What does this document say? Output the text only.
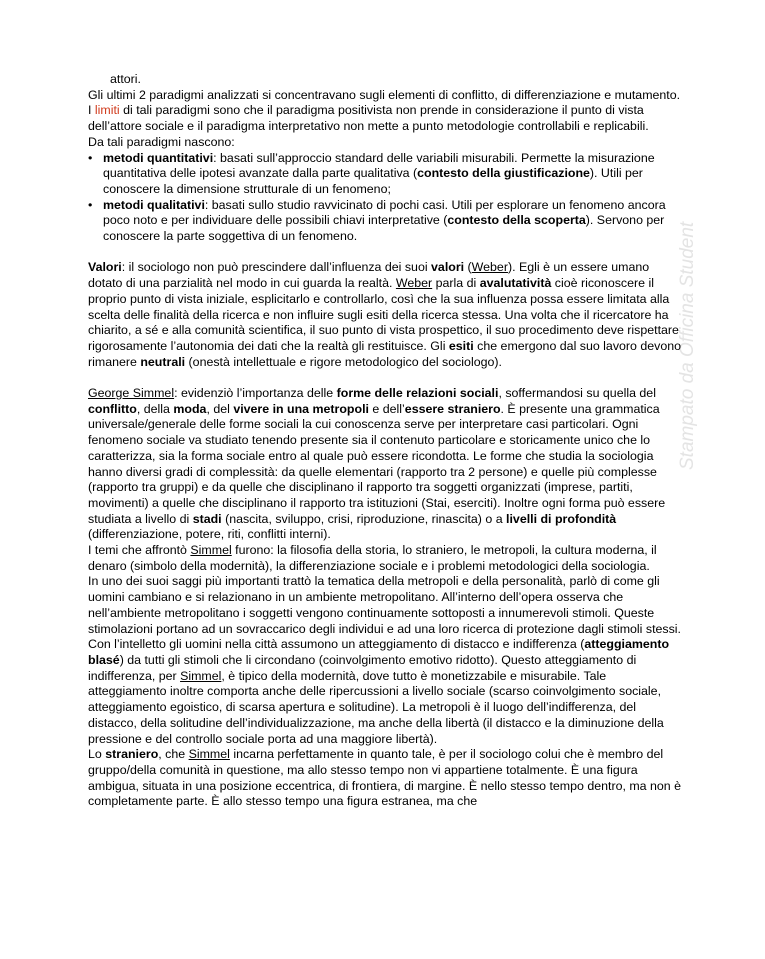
Stampato da Officina Student

attori.

Gli ultimi 2 paradigmi analizzati si concentravano sugli elementi di conflitto, di differenziazione e mutamento.

I limiti di tali paradigmi sono che il paradigma positivista non prende in considerazione il punto di vista dell’attore sociale e il paradigma interpretativo non mette a punto metodologie controllabili e replicabili.

Da tali paradigmi nascono:

• metodi quantitativi: basati sull’approccio standard delle variabili misurabili. Permette la misurazione quantitativa delle ipotesi avanzate dalla parte qualitativa (contesto della giustificazione). Utili per conoscere la dimensione strutturale di un fenomeno;
• metodi qualitativi: basati sullo studio ravvicinato di pochi casi. Utili per esplorare un fenomeno ancora poco noto e per individuare delle possibili chiavi interpretative (contesto della scoperta). Servono per conoscere la parte soggettiva di un fenomeno.

Valori: il sociologo non può prescindere dall’influenza dei suoi valori (Weber). Egli è un essere umano dotato di una parzialità nel modo in cui guarda la realtà. Weber parla di avalutatività cioè riconoscere il proprio punto di vista iniziale, esplicitarlo e controllarlo, così che la sua influenza possa essere limitata alla scelta delle finalità della ricerca e non influire sugli esiti della ricerca stessa. Una volta che il ricercatore ha chiarito, a sé e alla comunità scientifica, il suo punto di vista prospettico, il suo procedimento deve rispettare rigorosamente l’autonomia dei dati che la realtà gli restituisce. Gli esiti che emergono dal suo lavoro devono rimanere neutrali (onestà intellettuale e rigore metodologico del sociologo).

George Simmel: evidenziò l’importanza delle forme delle relazioni sociali, soffermandosi su quella del conflitto, della moda, del vivere in una metropoli e dell’essere straniero. È presente una grammatica universale/generale delle forme sociali la cui conoscenza serve per interpretare casi particolari. Ogni fenomeno sociale va studiato tenendo presente sia il contenuto particolare e storicamente unico che lo caratterizza, sia la forma sociale entro al quale può essere ricondotta. Le forme che studia la sociologia hanno diversi gradi di complessità: da quelle elementari (rapporto tra 2 persone) e quelle più complesse (rapporto tra gruppi) e da quelle che disciplinano il rapporto tra soggetti organizzati (imprese, partiti, movimenti) a quelle che disciplinano il rapporto tra istituzioni (Stai, eserciti). Inoltre ogni forma può essere studiata a livello di stadi (nascita, sviluppo, crisi, riproduzione, rinascita) o a livelli di profondità (differenziazione, potere, riti, conflitti interni).

I temi che affrontò Simmel furono: la filosofia della storia, lo straniero, le metropoli, la cultura moderna, il denaro (simbolo della modernità), la differenziazione sociale e i problemi metodologici della sociologia.

In uno dei suoi saggi più importanti trattò la tematica della metropoli e della personalità, parlò di come gli uomini cambiano e si relazionano in un ambiente metropolitano. All’interno dell’opera osserva che nell’ambiente metropolitano i soggetti vengono continuamente sottoposti a innumerevoli stimoli. Queste stimolazioni portano ad un sovraccarico degli individui e ad una loro ricerca di protezione dagli stimoli stessi. Con l’intelletto gli uomini nella città assumono un atteggiamento di distacco e indifferenza (atteggiamento blasé) da tutti gli stimoli che li circondano (coinvolgimento emotivo ridotto). Questo atteggiamento di indifferenza, per Simmel, è tipico della modernità, dove tutto è monetizzabile e misurabile. Tale atteggiamento inoltre comporta anche delle ripercussioni a livello sociale (scarso coinvolgimento sociale, atteggiamento egoistico, di scarsa apertura e solitudine). La metropoli è il luogo dell’indifferenza, del distacco, della solitudine dell’individualizzazione, ma anche della libertà (il distacco e la diminuzione della pressione e del controllo sociale porta ad una maggiore libertà).

Lo straniero, che Simmel incarna perfettamente in quanto tale, è per il sociologo colui che è membro del gruppo/della comunità in questione, ma allo stesso tempo non vi appartiene totalmente. È una figura ambigua, situata in una posizione eccentrica, di frontiera, di margine. È nello stesso tempo dentro, ma non è completamente parte. È allo stesso tempo una figura estranea, ma che
